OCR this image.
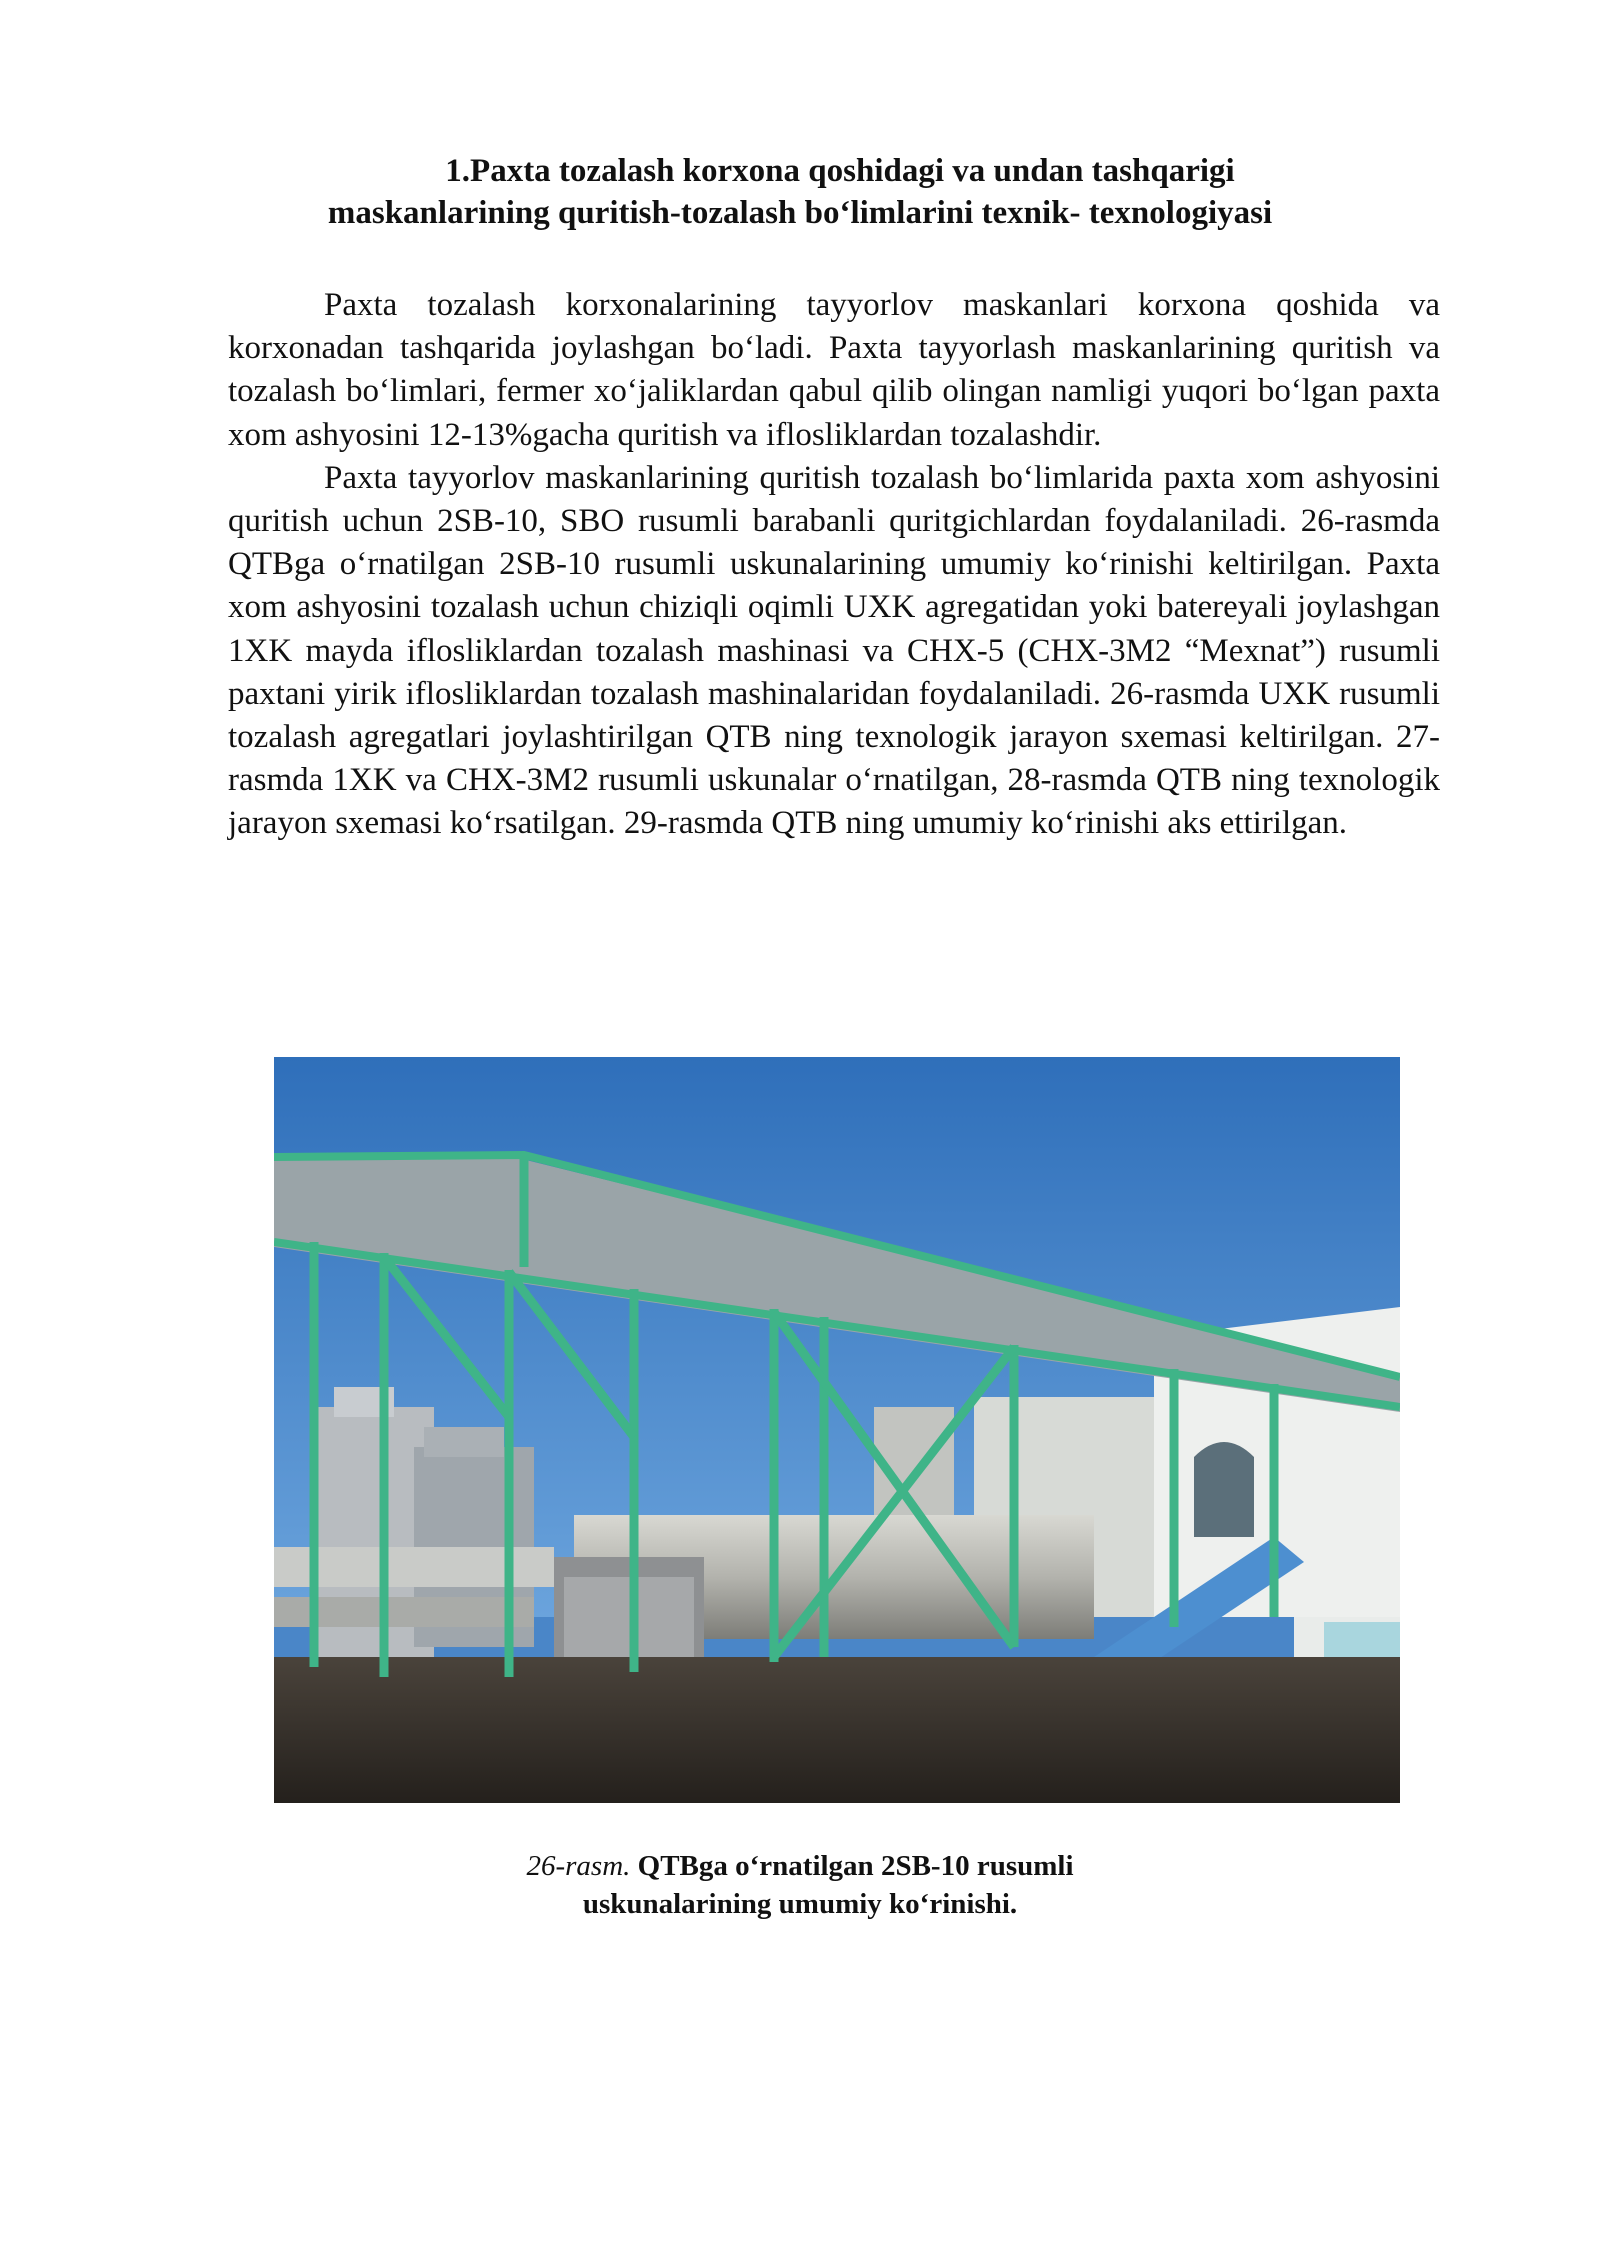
1.Paxta tozalash korxona qoshidagi va undan tashqarigi
maskanlarining quritish-tozalash bo‘limlarini texnik- texnologiyasi

Paxta tozalash korxonalarining tayyorlov maskanlari korxona qoshida va korxonadan tashqarida joylashgan bo‘ladi. Paxta tayyorlash maskanlarining quritish va tozalash bo‘limlari, fermer xo‘jaliklardan qabul qilib olingan namligi yuqori bo‘lgan paxta xom ashyosini 12-13%gacha quritish va iflosliklardan tozalashdir.

Paxta tayyorlov maskanlarining quritish tozalash bo‘limlarida paxta xom ashyosini quritish uchun 2SB-10, SBO rusumli barabanli quritgichlardan foydalaniladi. 26-rasmda QTBga o‘rnatilgan 2SB-10 rusumli uskunalarining umumiy ko‘rinishi keltirilgan. Paxta xom ashyosini tozalash uchun chiziqli oqimli UXK agregatidan yoki batereyali joylashgan 1XK mayda iflosliklardan tozalash mashinasi va CHX-5 (CHX-3M2 “Mexnat”) rusumli paxtani yirik iflosliklardan tozalash mashinalaridan foydalaniladi. 26-rasmda UXK rusumli tozalash agregatlari joylashtirilgan QTB ning texnologik jarayon sxemasi keltirilgan. 27-rasmda 1XK va CHX-3M2 rusumli uskunalar o‘rnatilgan, 28-rasmda QTB ning texnologik jarayon sxemasi ko‘rsatilgan. 29-rasmda QTB ning umumiy ko‘rinishi aks ettirilgan.

26-rasm. QTBga o‘rnatilgan 2SB-10 rusumli
uskunalarining umumiy ko‘rinishi.
